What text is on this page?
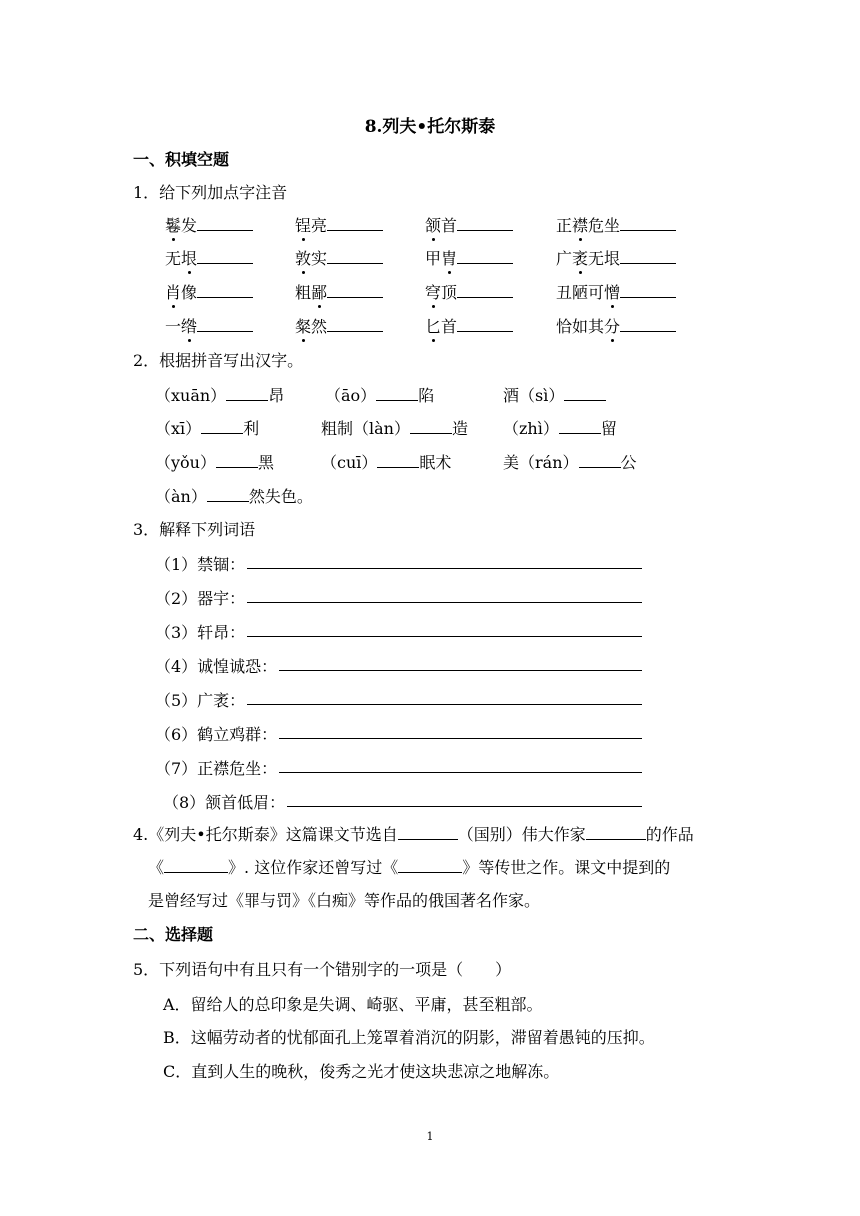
8.列夫•托尔斯泰
一、积填空题
1．给下列加点字注音
鬈发	锃亮	颔首	正襟危坐
无垠	敦实	甲胄	广袤无垠
肖像	粗鄙	穹顶	丑陋可憎
一绺	粲然	匕首	恰如其分
2．根据拼音写出汉字。
（xuān）	昂	（āo）	陷	酒（sì）
（xī）	利	粗制（làn）	造 （zhì）	留
（yǒu）	黑	（cuī）	眠术	美（rán）	公
（àn）	然失色。
3．解释下列词语
（1）禁锢：
（2）器宇：
（3）轩昂：
（4）诚惶诚恐：
（5）广袤：
（6）鹤立鸡群：
（7）正襟危坐：
（8）颔首低眉：
4.《列夫•托尔斯泰》这篇课文节选自	（国别）伟大作家	的作品
《	》. 这位作家还曾写过《	》等传世之作。课文中提到的
是曾经写过《罪与罚》《白痴》等作品的俄国著名作家。
二、选择题
5．下列语句中有且只有一个错别字的一项是（　　）
A．留给人的总印象是失调、崎驱、平庸，甚至粗部。
B．这幅劳动者的忧郁面孔上笼罩着消沉的阴影，滞留着愚钝的压抑。
C．直到人生的晚秋，俊秀之光才使这块悲凉之地解冻。
1
